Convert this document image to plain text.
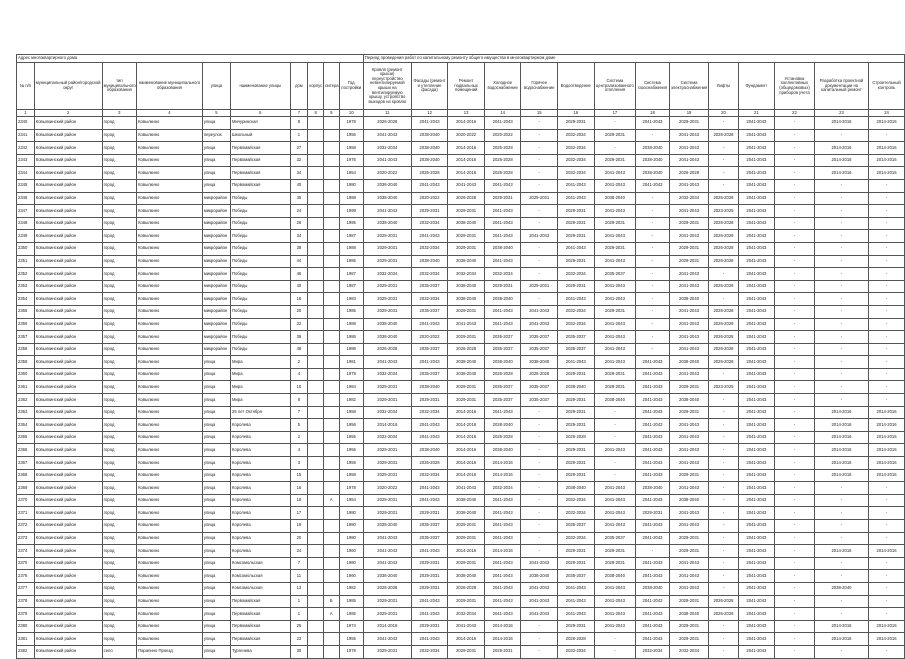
Адрес многоквартирного дома										Период проведения работ по капитальному ремонту общего имущества в многоквартирном доме													
№ п/п	муниципальный район/городской округ	тип муниципального образования	наименование муниципального образования	улица	наименование улицы	дом	корпус	литера	Год постройки	Кровля (ремонт крыши) переустройство невентилируемой крыши на вентилируемую крышу, устройство выходов на кровлю	Фасады (ремонт и утепление фасада)	Ремонт подвальных помещений	Холодное водоснабжение	Горячее водоснабжение	Водоотведение	Система централизованного отопления	Система газоснабжения	Система электроснабжения	Лифты	Фундамент	Установка коллективных (общедомовых) приборов учета	Разработка проектной документации на капитальный ремонт	Строительный контроль
1	2	3	4	5	6	7	8	9	10	11	12	13	14	15	16	17	18	19	20	21	22	23	24
2340	Ковылкинский район	город	Ковылкино	улица	Мичуринская	8			1978	2026-2028	2041-2043	2014-2016	2041-2043	-	2029-2031	-	2041-2043	2029-2031	-	2041-2043	-	2014-2016	2014-2016
2341	Ковылкинский район	город	Ковылкино	переулок	Школьный	1			1956	2041-2043	2038-2040	2020-2022	2020-2022	-	2032-2034	2029-2031	-	2041-2043	2026-2028	2041-2043	-	-	-
2342	Ковылкинский район	город	Ковылкино	улица	Первомайская	27			1958	2032-2034	2038-2040	2014-2016	2026-2028	-	2032-2034	-	2038-2040	2041-2043	-	2041-2043	-	2014-2016	2014-2016
2343	Ковылкинский район	город	Ковылкино	улица	Первомайская	32			1976	2041-2043	2038-2040	2014-2016	2026-2028	-	2032-2034	2029-2031	2038-2040	2041-2043	-	2041-2043	-	2014-2016	2014-2016
2344	Ковылкинский район	город	Ковылкино	улица	Первомайская	34			1954	2020-2022	2026-2028	2014-2016	2026-2028	-	2032-2034	2041-2043	2038-2040	2026-2028	-	2041-2043	-	2014-2016	2014-2016
2345	Ковылкинский район	город	Ковылкино	улица	Первомайская	40			1980	2038-2040	2041-2043	2041-2043	2041-2043	-	2041-2043	2041-2043	2041-2043	2041-2043	-	2041-2043	-	-	-
2346	Ковылкинский район	город	Ковылкино	микрорайон	Победы	35			1988	2038-2040	2020-2022	2026-2028	2029-2031	2029-2031	2041-2043	2038-2040	-	2032-2034	2026-2028	2041-2043	-	-	-
2347	Ковылкинский район	город	Ковылкино	микрорайон	Победы	24			1999	2041-2043	2029-2031	2029-2031	2041-2043	-	2029-2031	2041-2043	-	2041-2043	2023-2025	2041-2043	-	-	-
2348	Ковылкинский район	город	Ковылкино	микрорайон	Победы	26			1995	2038-2040	2032-2034	2038-2040	2041-2043	-	2029-2031	2029-2031	-	2029-2031	2026-2028	2041-2043	-	-	-
2349	Ковылкинский район	город	Ковылкино	микрорайон	Победы	34			1987	2029-2031	2041-2043	2029-2031	2041-2043	2041-2043	2029-2031	2041-2043	-	2041-2043	2026-2028	2041-2043	-	-	-
2350	Ковылкинский район	город	Ковылкино	микрорайон	Победы	38			1988	2029-2031	2032-2034	2029-2031	2038-2040	-	2041-2043	2029-2031	-	2029-2031	2026-2028	2041-2043	-	-	-
2351	Ковылкинский район	город	Ковылкино	микрорайон	Победы	44			1985	2029-2031	2038-2040	2038-2040	2041-2043	-	2029-2031	2041-2043	-	2029-2031	2026-2028	2041-2043	-	-	-
2352	Ковылкинский район	город	Ковылкино	микрорайон	Победы	46			1987	2032-2034	2032-2034	2032-2034	2032-2034	-	2032-2034	2035-2037	-	2041-2043	-	2041-2043	-	-	-
2353	Ковылкинский район	город	Ковылкино	микрорайон	Победы	40			1987	2029-2031	2035-2037	2038-2040	2029-2031	2029-2031	2029-2031	2041-2043	-	2041-2043	2026-2028	2041-2043	-	-	-
2354	Ковылкинский район	город	Ковылкино	микрорайон	Победы	18			1983	2029-2031	2032-2034	2038-2040	2038-2040	-	2041-2043	2041-2043	-	2038-2040	-	2041-2043	-	-	-
2355	Ковылкинский район	город	Ковылкино	микрорайон	Победы	20			1985	2029-2031	2035-2037	2029-2031	2041-2043	2041-2043	2032-2034	2029-2031	-	2041-2043	2026-2028	2041-2043	-	-	-
2356	Ковылкинский район	город	Ковылкино	микрорайон	Победы	22			1989	2038-2040	2041-2043	2041-2043	2041-2043	2041-2043	2032-2034	2041-2043	-	2041-2043	2026-2028	2041-2043	-	-	-
2357	Ковылкинский район	город	Ковылкино	микрорайон	Победы	36			1986	2038-2040	2020-2022	2029-2031	2035-2037	2035-2037	2035-2037	2041-2043	-	2041-2043	2026-2028	2041-2043	-	-	-
2358	Ковылкинский район	город	Ковылкино	микрорайон	Победы	48			1986	2026-2028	2035-2037	2026-2028	2035-2037	2035-2037	2035-2037	2041-2043	-	2041-2043	2026-2028	2041-2043	-	-	-
2359	Ковылкинский район	город	Ковылкино	улица	Мира	2			1981	2041-2043	2041-2043	2038-2040	2038-2040	2038-2040	2041-2043	2041-2043	2041-2043	2038-2040	2026-2028	2041-2043	-	-	-
2360	Ковылкинский район	город	Ковылкино	улица	Мира	4			1979	2032-2034	2035-2037	2038-2040	2026-2028	2026-2028	2029-2031	2029-2031	2041-2043	2041-2043	-	2041-2043	-	-	-
2361	Ковылкинский район	город	Ковылкино	улица	Мира	10			1984	2029-2031	2038-2040	2029-2031	2035-2037	2035-2037	2038-2040	2029-2031	2041-2043	2029-2031	2023-2025	2041-2043	-	-	-
2362	Ковылкинский район	город	Ковылкино	улица	Мира	8			1982	2029-2031	2029-2031	2029-2031	2035-2037	2035-2037	2029-2031	2038-2040	2041-2043	2038-2040	-	2041-2043	-	-	-
2363	Ковылкинский район	город	Ковылкино	улица	25 лет Октября	7			1958	2032-2034	2032-2034	2014-2016	2041-2043	-	2029-2031	-	2041-2043	2029-2031	-	2041-2043	-	2014-2016	2014-2016
2364	Ковылкинский район	город	Ковылкино	улица	Королева	5			1956	2014-2016	2041-2043	2014-2016	2038-2040	-	2029-2031	-	2041-2043	2041-2043	-	2041-2043	-	2014-2016	2014-2016
2365	Ковылкинский район	город	Ковылкино	улица	Королева	2			1955	2032-2034	2041-2043	2014-2016	2026-2028	-	2026-2028	-	2041-2043	2041-2043	-	2041-2043	-	2014-2016	2014-2016
2366	Ковылкинский район	город	Ковылкино	улица	Королева	4			1956	2029-2031	2038-2040	2014-2016	2038-2040	-	2029-2031	2041-2043	2041-2043	2041-2043	-	2041-2043	-	2014-2016	2014-2016
2367	Ковылкинский район	город	Ковылкино	улица	Королева	3			1959	2029-2031	2026-2028	2014-2016	2014-2016	-	2029-2031	-	2041-2043	2041-2043	-	2041-2043	-	2014-2016	2014-2016
2368	Ковылкинский район	город	Ковылкино	улица	Королева	15			1958	2029-2031	2032-2034	2014-2016	2014-2016	-	2029-2031	-	2041-2043	2029-2031	-	2041-2043	-	2014-2016	2014-2016
2369	Ковылкинский район	город	Ковылкино	улица	Королева	16			1978	2020-2022	2041-2043	2041-2043	2032-2034	-	2038-2040	2041-2043	2038-2040	2041-2043	-	2041-2043	-	-	-
2370	Ковылкинский район	город	Ковылкино	улица	Королева	16		А	1954	2029-2031	2041-2043	2038-2040	2041-2043	-	2032-2034	2041-2043	2041-2043	2038-2040	-	2041-2043	-	-	-
2371	Ковылкинский район	город	Ковылкино	улица	Королева	17			1980	2029-2031	2029-2031	2038-2040	2041-2043	-	2032-2034	2041-2043	2029-2031	2041-2043	-	2041-2043	-	-	-
2372	Ковылкинский район	город	Ковылкино	улица	Королева	19			1980	2038-2040	2035-2037	2029-2031	2041-2043	-	2035-2037	2041-2043	2041-2043	2041-2043	-	2041-2043	-	-	-
2373	Ковылкинский район	город	Ковылкино	улица	Королева	20			1980	2041-2043	2035-2037	2029-2031	2041-2043	-	2032-2034	2035-2037	2041-2043	2029-2031	-	2041-2043	-	-	-
2374	Ковылкинский район	город	Ковылкино	улица	Королева	24			1960	2041-2043	2041-2043	2014-2016	2014-2016	-	2029-2031	2029-2031	-	2029-2031	-	2041-2043	-	2014-2016	2014-2016
2375	Ковылкинский район	город	Ковылкино	улица	Комсомольская	7			1980	2041-2043	2029-2031	2029-2031	2041-2043	2041-2043	2029-2031	2029-2031	2041-2043	2041-2043	-	2041-2043	-	-	-
2376	Ковылкинский район	город	Ковылкино	улица	Комсомольская	11			1960	2038-2040	2029-2031	2038-2040	2041-2043	2038-2040	2035-2037	2038-2040	2041-2043	2041-2043	-	2041-2043	-	-	-
2377	Ковылкинский район	город	Ковылкино	улица	Комсомольская	13			1982	2026-2028	2029-2031	2026-2028	2041-2043	2041-2043	2041-2043	2041-2043	2038-2040	2041-2043	-	2041-2043	-	2038-2040	-
2378	Ковылкинский район	город	Ковылкино	улица	Первомайская	1		Б	1985	2029-2031	2041-2043	2029-2031	2041-2043	2041-2043	2041-2043	2041-2043	2041-2043	2029-2031	2026-2028	2041-2043	-	-	-
2379	Ковылкинский район	город	Ковылкино	улица	Первомайская	1		А	1985	2029-2031	2041-2043	2032-2034	2041-2043	2041-2043	2041-2043	2041-2043	2041-2043	2038-2040	2026-2028	2041-2043	-	-	-
2380	Ковылкинский район	город	Ковылкино	улица	Первомайская	25			1974	2014-2016	2029-2031	2041-2043	2014-2016	-	2029-2031	2041-2043	2041-2043	2029-2031	-	2041-2043	-	2014-2016	2014-2016
2381	Ковылкинский район	город	Ковылкино	улица	Первомайская	23			1955	2041-2043	2041-2043	2014-2016	2014-2016	-	2026-2028	-	2041-2043	2029-2031	-	2041-2043	-	2014-2016	2014-2016
2382	Ковылкинский район	село	Парапино Проезд	улица	Тургенева	30			1978	2029-2031	2032-2034	2029-2031	2029-2031	-	2032-2034	-	2032-2034	2032-2034	-	2041-2043	-	-	-
